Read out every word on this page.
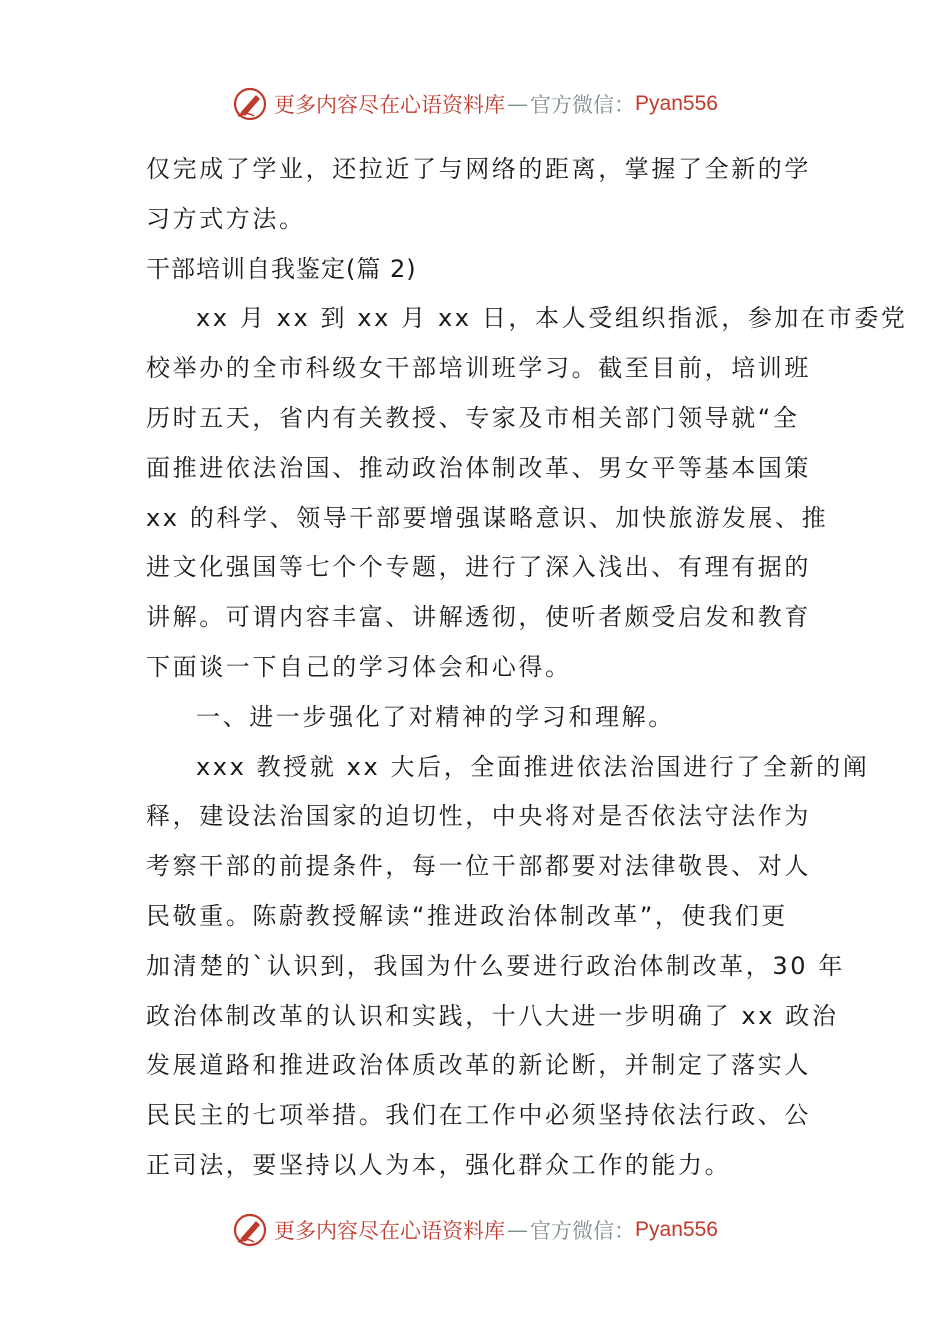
更多内容尽在心语资料库 — 官方微信： Pyan556
仅完成了学业，还拉近了与网络的距离，掌握了全新的学
习方式方法。
干部培训自我鉴定(篇 2)
xx 月 xx 到 xx 月 xx 日，本人受组织指派，参加在市委党
校举办的全市科级女干部培训班学习。截至目前，培训班
历时五天，省内有关教授、专家及市相关部门领导就“全
面推进依法治国、推动政治体制改革、男女平等基本国策
xx 的科学、领导干部要增强谋略意识、加快旅游发展、推
进文化强国等七个个专题，进行了深入浅出、有理有据的
讲解。可谓内容丰富、讲解透彻，使听者颇受启发和教育
下面谈一下自己的学习体会和心得。
一、进一步强化了对精神的学习和理解。
xxx 教授就 xx 大后，全面推进依法治国进行了全新的阐
释，建设法治国家的迫切性，中央将对是否依法守法作为
考察干部的前提条件，每一位干部都要对法律敬畏、对人
民敬重。陈蔚教授解读“推进政治体制改革”，使我们更
加清楚的`认识到，我国为什么要进行政治体制改革，30 年
政治体制改革的认识和实践，十八大进一步明确了 xx 政治
发展道路和推进政治体质改革的新论断，并制定了落实人
民民主的七项举措。我们在工作中必须坚持依法行政、公
正司法，要坚持以人为本，强化群众工作的能力。
更多内容尽在心语资料库 — 官方微信： Pyan556
